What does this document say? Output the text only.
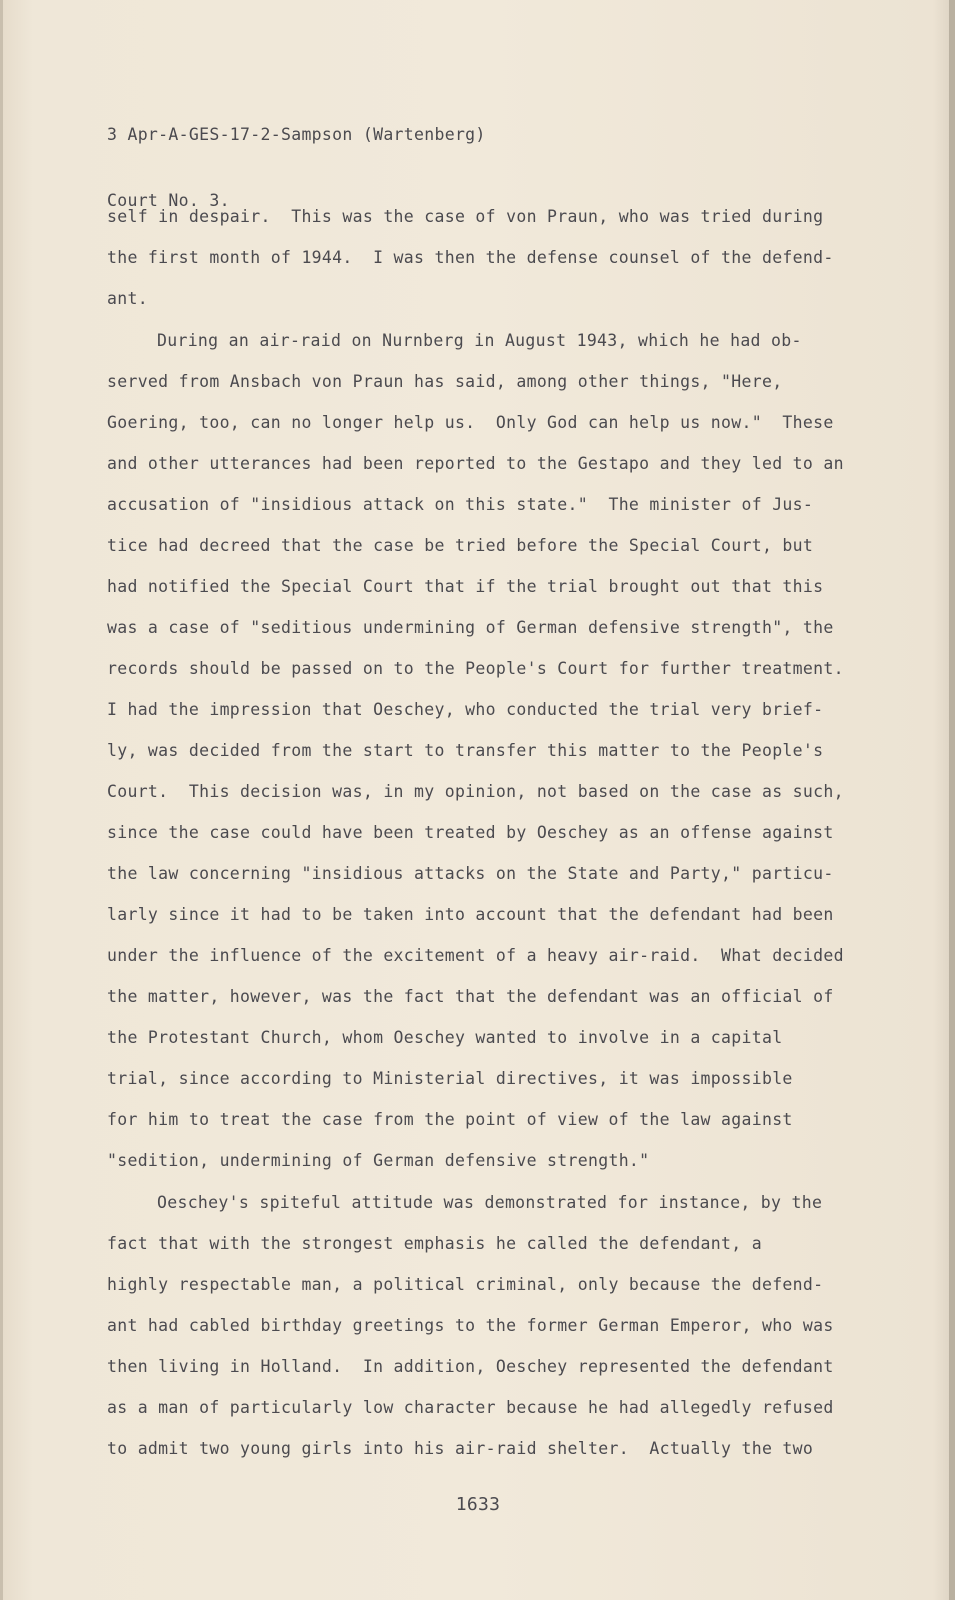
3 Apr-A-GES-17-2-Sampson (Wartenberg)

Court No. 3.

self in despair.  This was the case of von Praun, who was tried during
the first month of 1944.  I was then the defense counsel of the defend-
ant.
During an air-raid on Nurnberg in August 1943, which he had ob-
served from Ansbach von Praun has said, among other things, "Here,
Goering, too, can no longer help us.  Only God can help us now."  These
and other utterances had been reported to the Gestapo and they led to an
accusation of "insidious attack on this state."  The minister of Jus-
tice had decreed that the case be tried before the Special Court, but
had notified the Special Court that if the trial brought out that this
was a case of "seditious undermining of German defensive strength", the
records should be passed on to the People's Court for further treatment.
I had the impression that Oeschey, who conducted the trial very brief-
ly, was decided from the start to transfer this matter to the People's
Court.  This decision was, in my opinion, not based on the case as such,
since the case could have been treated by Oeschey as an offense against
the law concerning "insidious attacks on the State and Party," particu-
larly since it had to be taken into account that the defendant had been
under the influence of the excitement of a heavy air-raid.  What decided
the matter, however, was the fact that the defendant was an official of
the Protestant Church, whom Oeschey wanted to involve in a capital
trial, since according to Ministerial directives, it was impossible
for him to treat the case from the point of view of the law against
"sedition, undermining of German defensive strength."
Oeschey's spiteful attitude was demonstrated for instance, by the
fact that with the strongest emphasis he called the defendant, a
highly respectable man, a political criminal, only because the defend-
ant had cabled birthday greetings to the former German Emperor, who was
then living in Holland.  In addition, Oeschey represented the defendant
as a man of particularly low character because he had allegedly refused
to admit two young girls into his air-raid shelter.  Actually the two
1633
